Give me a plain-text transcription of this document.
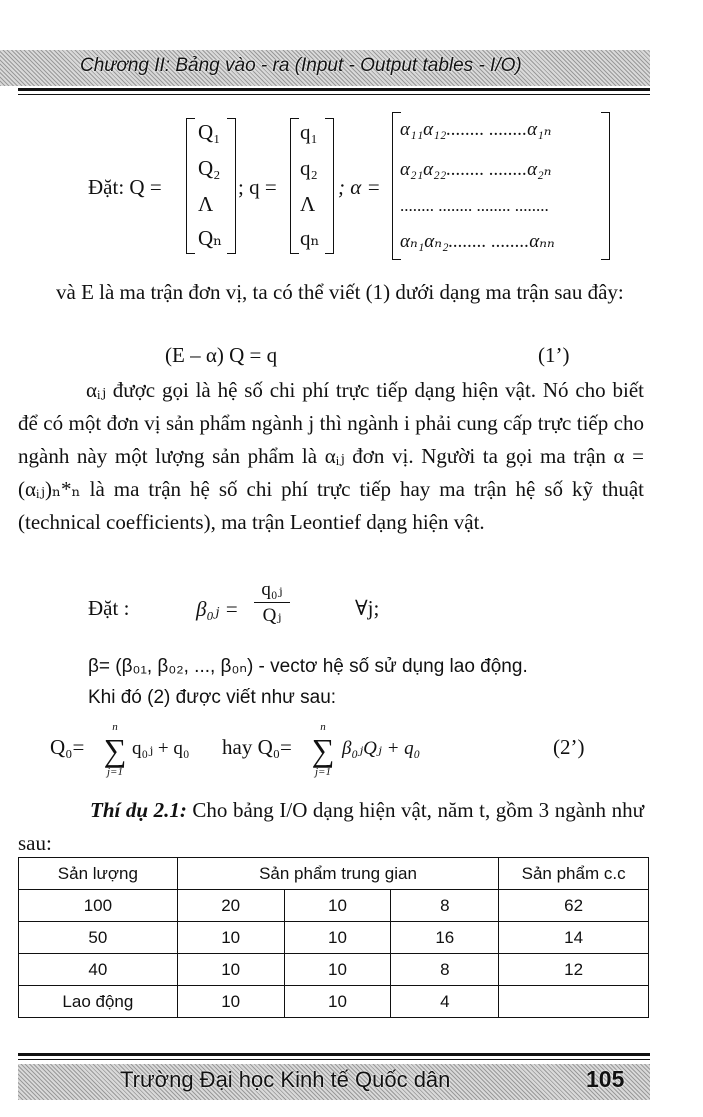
Chương II: Bảng vào - ra (Input - Output tables - I/O)
Đặt: Q =
Q₁
Q₂
Λ
Qₙ
; q =
q₁
q₂
Λ
qₙ
; α =
α₁₁α₁₂........ ........α₁ₙ
α₂₁α₂₂........ ........α₂ₙ
........ ........ ........ ........
αₙ₁αₙ₂........ ........αₙₙ
và E là ma trận đơn vị, ta có thể viết (1) dưới dạng ma trận sau đây:
(E – α) Q = q	(1’)
αᵢⱼ được gọi là hệ số chi phí trực tiếp dạng hiện vật. Nó cho biết để có một đơn vị sản phẩm ngành j thì ngành i phải cung cấp trực tiếp cho ngành này một lượng sản phẩm là αᵢⱼ đơn vị. Người ta gọi ma trận α = (αᵢⱼ)ₙ*ₙ là ma trận hệ số chi phí trực tiếp hay ma trận hệ số kỹ thuật (technical coefficients), ma trận Leontief dạng hiện vật.
Đặt :	β₀ⱼ =
q₀ⱼ
Qⱼ	∀j;
β= (β₀₁, β₀₂, ..., β₀ₙ) - vectơ hệ số sử dụng lao động.
Khi đó (2) được viết như sau:
Q₀=
n
∑
j=1
q₀ⱼ + q₀ hay Q₀=
n
∑
j=1
β₀ⱼQⱼ + q₀	(2’)
Thí dụ 2.1: Cho bảng I/O dạng hiện vật, năm t, gồm 3 ngành như sau:
Sản lượng	Sản phẩm trung gian			Sản phẩm c.c
100	20	10	8	62
50	10	10	16	14
40	10	10	8	12
Lao động	10	10	4	
Trường Đại học Kinh tế Quốc dân	105
